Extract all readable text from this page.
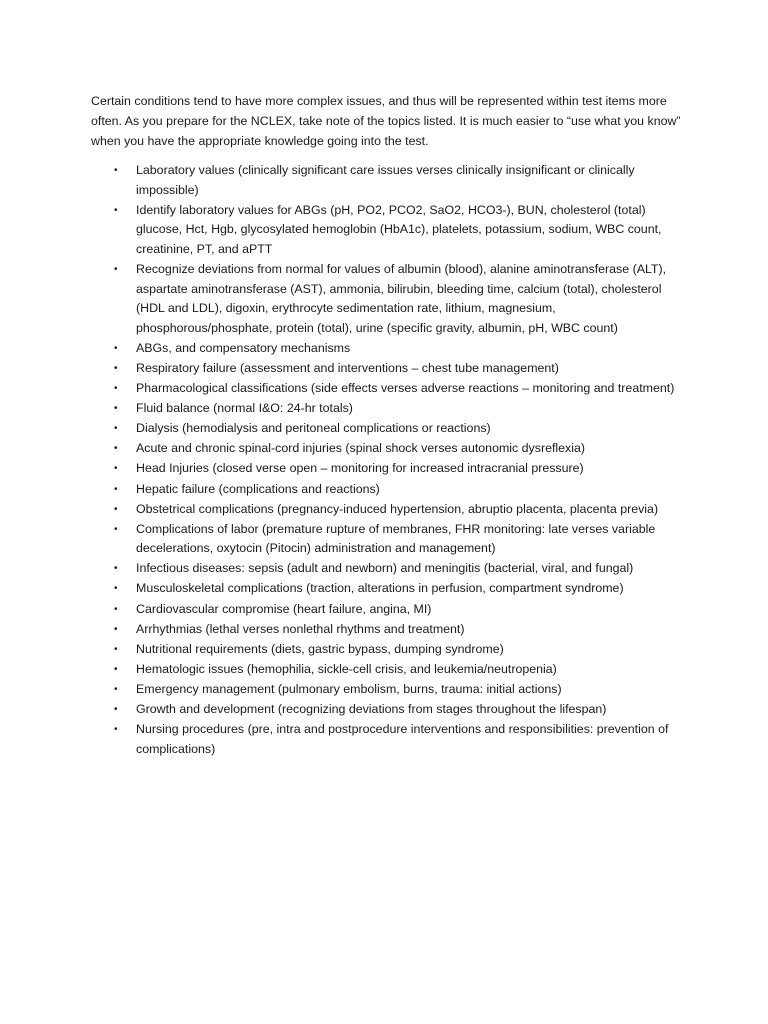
Certain conditions tend to have more complex issues, and thus will be represented within test items more often. As you prepare for the NCLEX, take note of the topics listed. It is much easier to “use what you know” when you have the appropriate knowledge going into the test.

• Laboratory values (clinically significant care issues verses clinically insignificant or clinically impossible)
• Identify laboratory values for ABGs (pH, PO2, PCO2, SaO2, HCO3-), BUN, cholesterol (total) glucose, Hct, Hgb, glycosylated hemoglobin (HbA1c), platelets, potassium, sodium, WBC count, creatinine, PT, and aPTT
• Recognize deviations from normal for values of albumin (blood), alanine aminotransferase (ALT), aspartate aminotransferase (AST), ammonia, bilirubin, bleeding time, calcium (total), cholesterol (HDL and LDL), digoxin, erythrocyte sedimentation rate, lithium, magnesium, phosphorous/phosphate, protein (total), urine (specific gravity, albumin, pH, WBC count)
• ABGs, and compensatory mechanisms
• Respiratory failure (assessment and interventions – chest tube management)
• Pharmacological classifications (side effects verses adverse reactions – monitoring and treatment)
• Fluid balance (normal I&O: 24-hr totals)
• Dialysis (hemodialysis and peritoneal complications or reactions)
• Acute and chronic spinal-cord injuries (spinal shock verses autonomic dysreflexia)
• Head Injuries (closed verse open – monitoring for increased intracranial pressure)
• Hepatic failure (complications and reactions)
• Obstetrical complications (pregnancy-induced hypertension, abruptio placenta, placenta previa)
• Complications of labor (premature rupture of membranes, FHR monitoring: late verses variable decelerations, oxytocin (Pitocin) administration and management)
• Infectious diseases: sepsis (adult and newborn) and meningitis (bacterial, viral, and fungal)
• Musculoskeletal complications (traction, alterations in perfusion, compartment syndrome)
• Cardiovascular compromise (heart failure, angina, MI)
• Arrhythmias (lethal verses nonlethal rhythms and treatment)
• Nutritional requirements (diets, gastric bypass, dumping syndrome)
• Hematologic issues (hemophilia, sickle-cell crisis, and leukemia/neutropenia)
• Emergency management (pulmonary embolism, burns, trauma: initial actions)
• Growth and development (recognizing deviations from stages throughout the lifespan)
• Nursing procedures (pre, intra and postprocedure interventions and responsibilities: prevention of complications)
